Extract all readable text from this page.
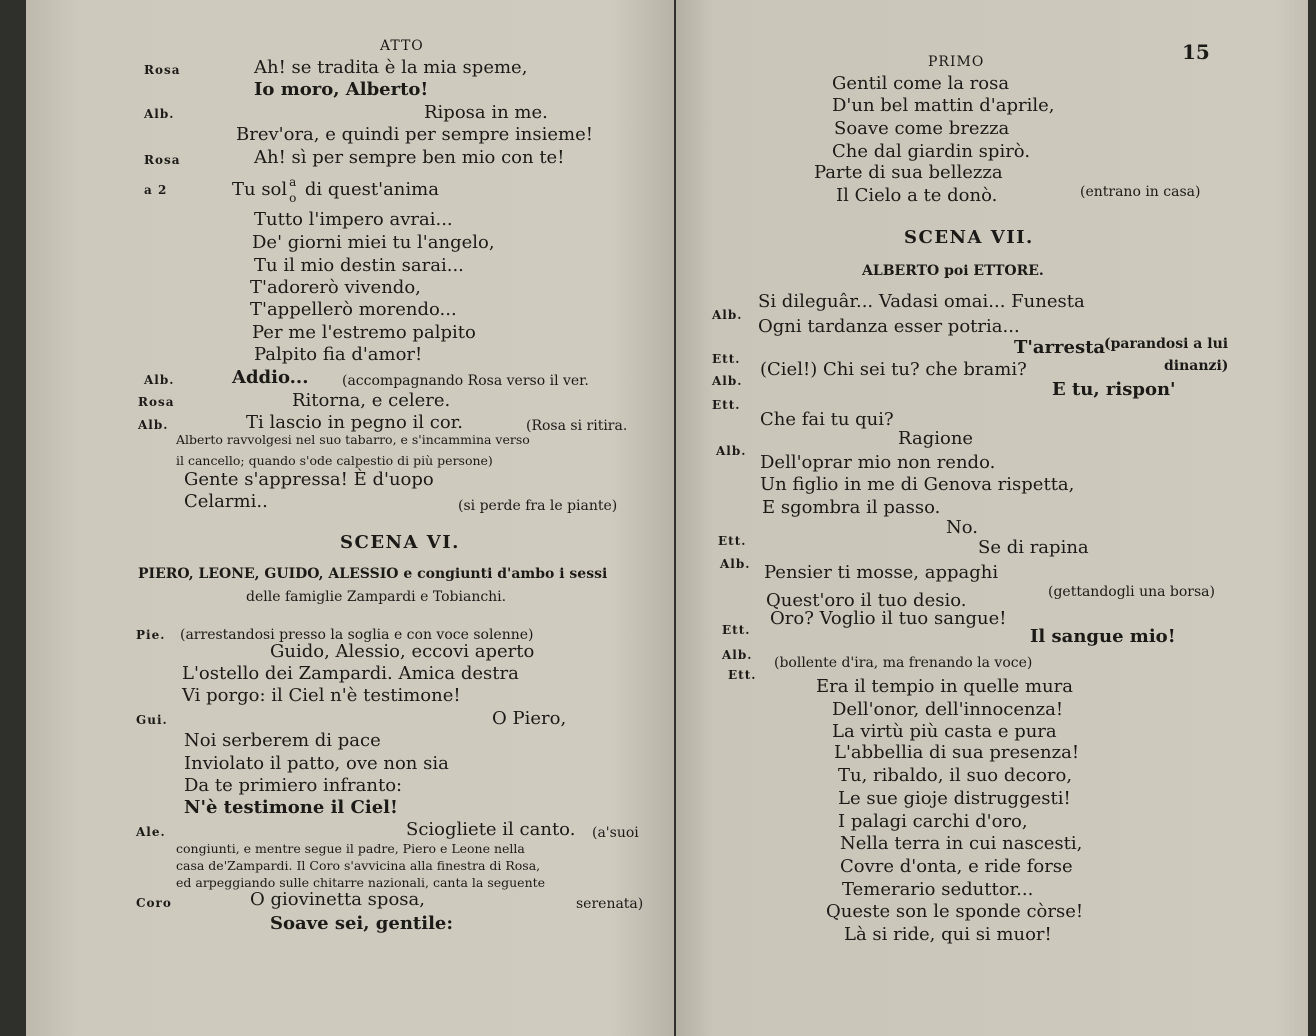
ATTO
Rosa	Ah! se tradita è la mia speme,
Io moro, Alberto!
Alb.	Riposa in me.
Brev'ora, e quindi per sempre insieme!
Rosa	Ah! sì per sempre ben mio con te!
a 2	Tu sol a
o di quest'anima
Tutto l'impero avrai...
De' giorni miei tu l'angelo,
Tu il mio destin sarai...
T'adorerò vivendo,
T'appellerò morendo...
Per me l'estremo palpito
Palpito fia d'amor!
Alb.	Addio... (accompagnando Rosa verso il ver.
Rosa	Ritorna, e celere.
Alb.	Ti lascio in pegno il cor.	(Rosa si ritira.
Alberto ravvolgesi nel suo tabarro, e s'incammina verso
il cancello; quando s'ode calpestio di più persone)
Gente s'appressa! È d'uopo
Celarmi..	(si perde fra le piante)
SCENA VI.
PIERO, LEONE, GUIDO, ALESSIO e congiunti d'ambo i sessi
delle famiglie Zampardi e Tobianchi.
Pie. (arrestandosi presso la soglia e con voce solenne)
Guido, Alessio, eccovi aperto
L'ostello dei Zampardi. Amica destra
Vi porgo: il Ciel n'è testimone!
Gui.	O Piero,
Noi serberem di pace
Inviolato il patto, ove non sia
Da te primiero infranto:
N'è testimone il Ciel!
Ale.	Sciogliete il canto. (a'suoi
congiunti, e mentre segue il padre, Piero e Leone nella
casa de'Zampardi. Il Coro s'avvicina alla finestra di Rosa,
ed arpeggiando sulle chitarre nazionali, canta la seguente
Coro	O giovinetta sposa,	serenata)
Soave sei, gentile:
PRIMO	15
Gentil come la rosa
D'un bel mattin d'aprile,
Soave come brezza
Che dal giardin spirò.
Parte di sua bellezza
Il Cielo a te donò.	(entrano in casa)
SCENA VII.
ALBERTO poi ETTORE.
Alb.
Si dileguâr... Vadasi omai... Funesta
Ogni tardanza esser potria...
Ett.
T'arresta
(parandosi a lui
Alb.
(Ciel!) Chi sei tu? che brami?	dinanzi)
Ett.
E tu, rispon'
Che fai tu qui?
Alb.
Ragione
Dell'oprar mio non rendo.
Un figlio in me di Genova rispetta,
E sgombra il passo.
Ett.
No.
Alb.
Se di rapina
Pensier ti mosse, appaghi
Quest'oro il tuo desio.	(gettandogli una borsa)
Ett.
Oro? Voglio il tuo sangue!
Alb.
Il sangue mio!
Ett.
(bollente d'ira, ma frenando la voce)
Era il tempio in quelle mura
Dell'onor, dell'innocenza!
La virtù più casta e pura
L'abbellia di sua presenza!
Tu, ribaldo, il suo decoro,
Le sue gioje distruggesti!
I palagi carchi d'oro,
Nella terra in cui nascesti,
Covre d'onta, e ride forse
Temerario seduttor...
Queste son le sponde còrse!
Là si ride, qui si muor!
